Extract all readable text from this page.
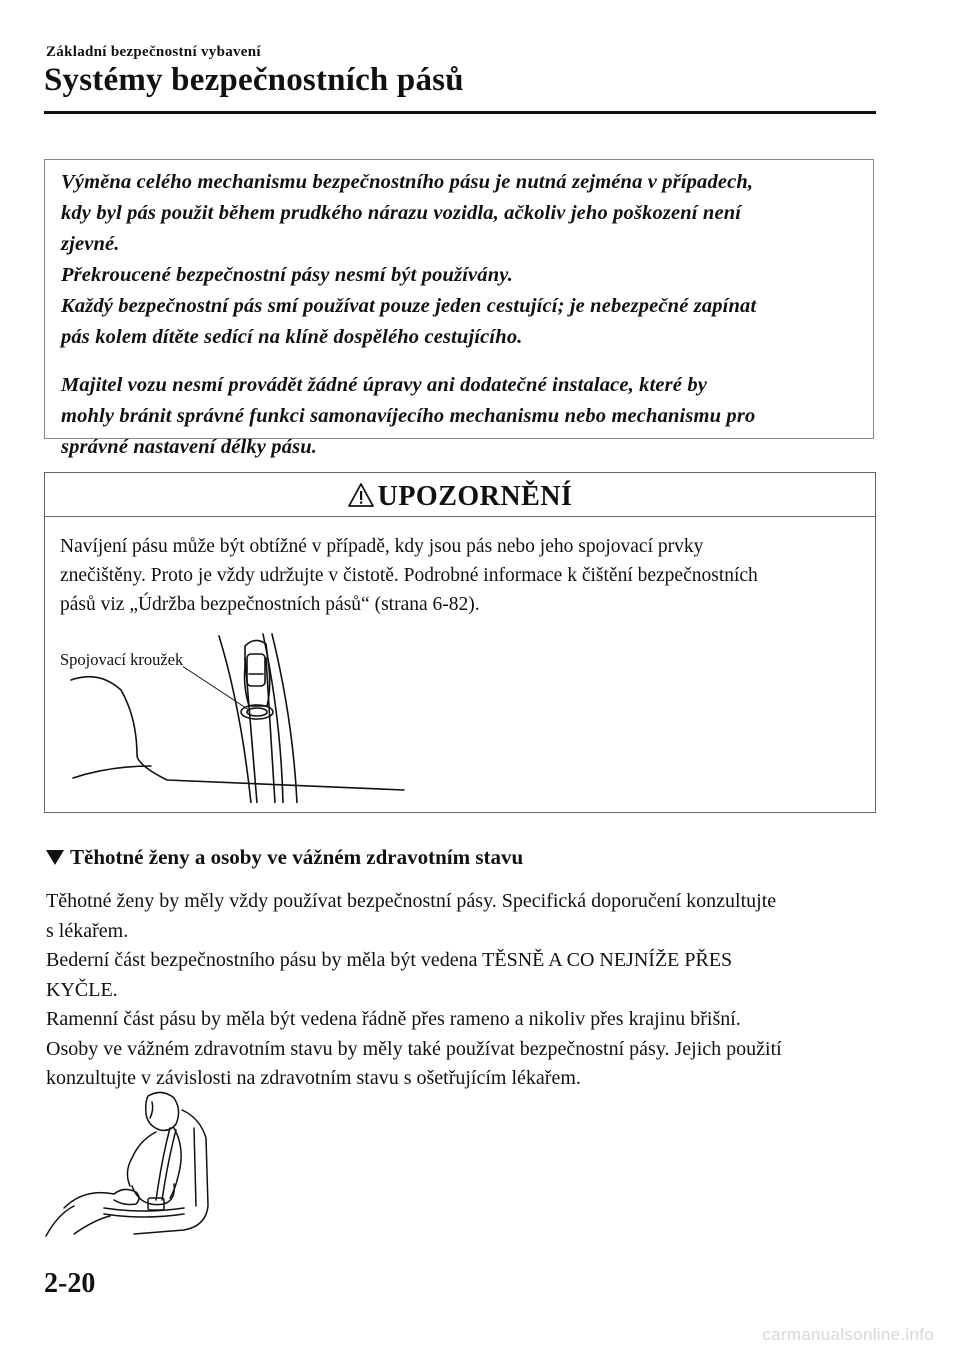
Základní bezpečnostní vybavení
Systémy bezpečnostních pásů

Výměna celého mechanismu bezpečnostního pásu je nutná zejména v případech,

kdy byl pás použit během prudkého nárazu vozidla, ačkoliv jeho poškození není

zjevné.

Překroucené bezpečnostní pásy nesmí být používány.

Každý bezpečnostní pás smí používat pouze jeden cestující; je nebezpečné zapínat

pás kolem dítěte sedící na klíně dospělého cestujícího.

Majitel vozu nesmí provádět žádné úpravy ani dodatečné instalace, které by

mohly bránit správné funkci samonavíjecího mechanismu nebo mechanismu pro

správné nastavení délky pásu.

UPOZORNĚNÍ

Navíjení pásu může být obtížné v případě, kdy jsou pás nebo jeho spojovací prvky

znečištěny. Proto je vždy udržujte v čistotě. Podrobné informace k čištění bezpečnostních

pásů viz „Údržba bezpečnostních pásů“ (strana 6-82).

Spojovací kroužek
Těhotné ženy a osoby ve vážném zdravotním stavu

Těhotné ženy by měly vždy používat bezpečnostní pásy. Specifická doporučení konzultujte

s lékařem.

Bederní část bezpečnostního pásu by měla být vedena TĚSNĚ A CO NEJNÍŽE PŘES

KYČLE.

Ramenní část pásu by měla být vedena řádně přes rameno a nikoliv přes krajinu břišní.

Osoby ve vážném zdravotním stavu by měly také používat bezpečnostní pásy. Jejich použití

konzultujte v závislosti na zdravotním stavu s ošetřujícím lékařem.

2-20
carmanualsonline.info
